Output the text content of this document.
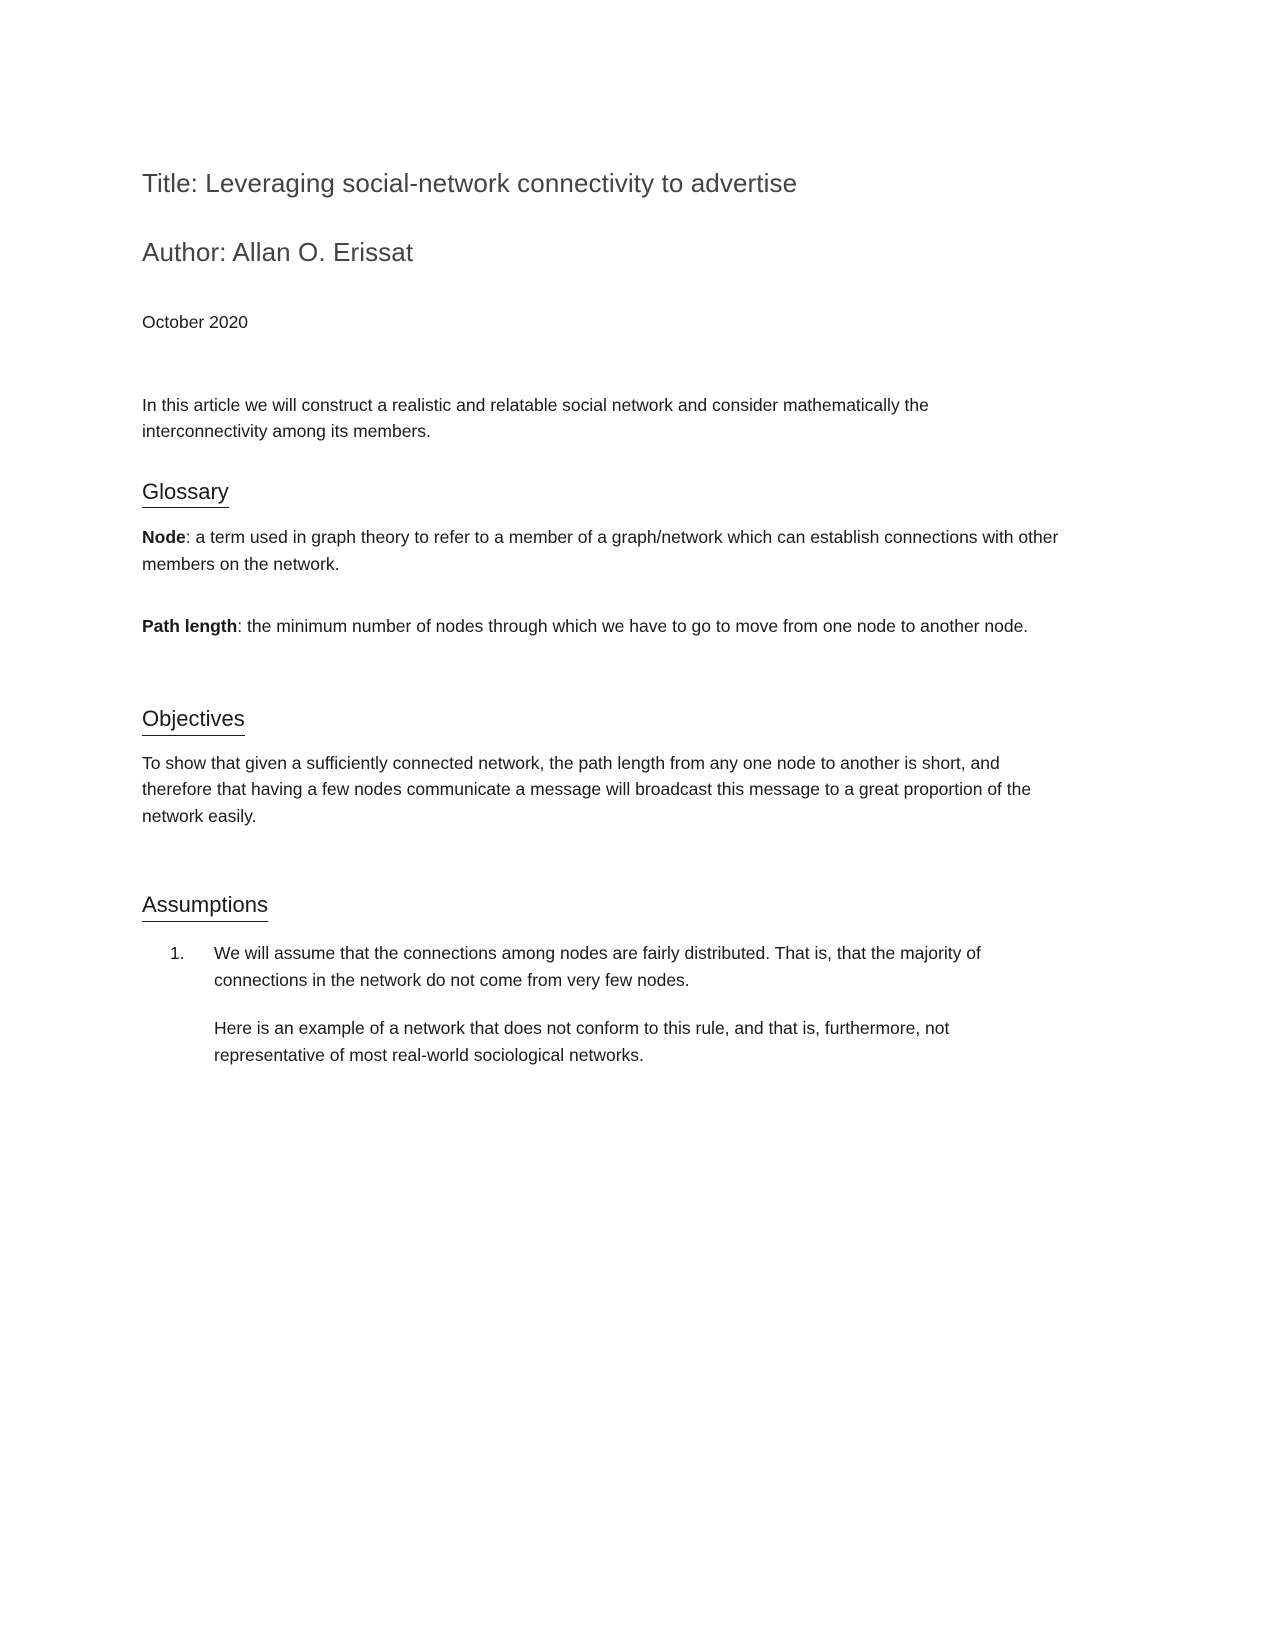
Title: Leveraging social-network connectivity to advertise
Author: Allan O. Erissat
October 2020

In this article we will construct a realistic and relatable social network and consider mathematically the interconnectivity among its members.

Glossary

Node: a term used in graph theory to refer to a member of a graph/network which can establish connections with other members on the network.

Path length: the minimum number of nodes through which we have to go to move from one node to another node.

Objectives

To show that given a sufficiently connected network, the path length from any one node to another is short, and therefore that having a few nodes communicate a message will broadcast this message to a great proportion of the network easily.

Assumptions
We will assume that the connections among nodes are fairly distributed. That is, that the majority of connections in the network do not come from very few nodes.
Here is an example of a network that does not conform to this rule, and that is, furthermore, not representative of most real-world sociological networks.
